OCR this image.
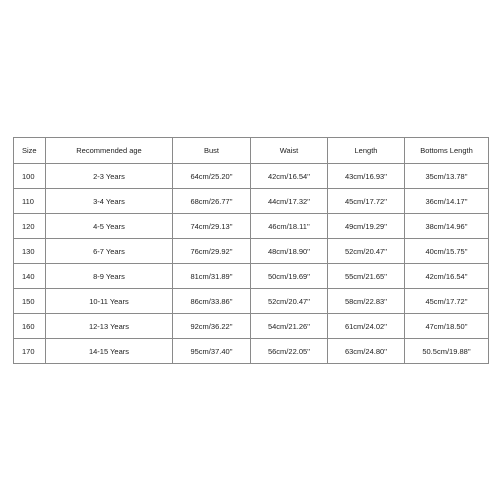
Size	Recommended age	Bust	Waist	Length	Bottoms Length
100	2-3 Years	64cm/25.20''	42cm/16.54''	43cm/16.93''	35cm/13.78''
110	3-4 Years	68cm/26.77''	44cm/17.32''	45cm/17.72''	36cm/14.17''
120	4-5 Years	74cm/29.13''	46cm/18.11''	49cm/19.29''	38cm/14.96''
130	6-7 Years	76cm/29.92''	48cm/18.90''	52cm/20.47''	40cm/15.75''
140	8-9 Years	81cm/31.89''	50cm/19.69''	55cm/21.65''	42cm/16.54''
150	10-11 Years	86cm/33.86''	52cm/20.47''	58cm/22.83''	45cm/17.72''
160	12-13 Years	92cm/36.22''	54cm/21.26''	61cm/24.02''	47cm/18.50''
170	14-15 Years	95cm/37.40''	56cm/22.05''	63cm/24.80''	50.5cm/19.88''
